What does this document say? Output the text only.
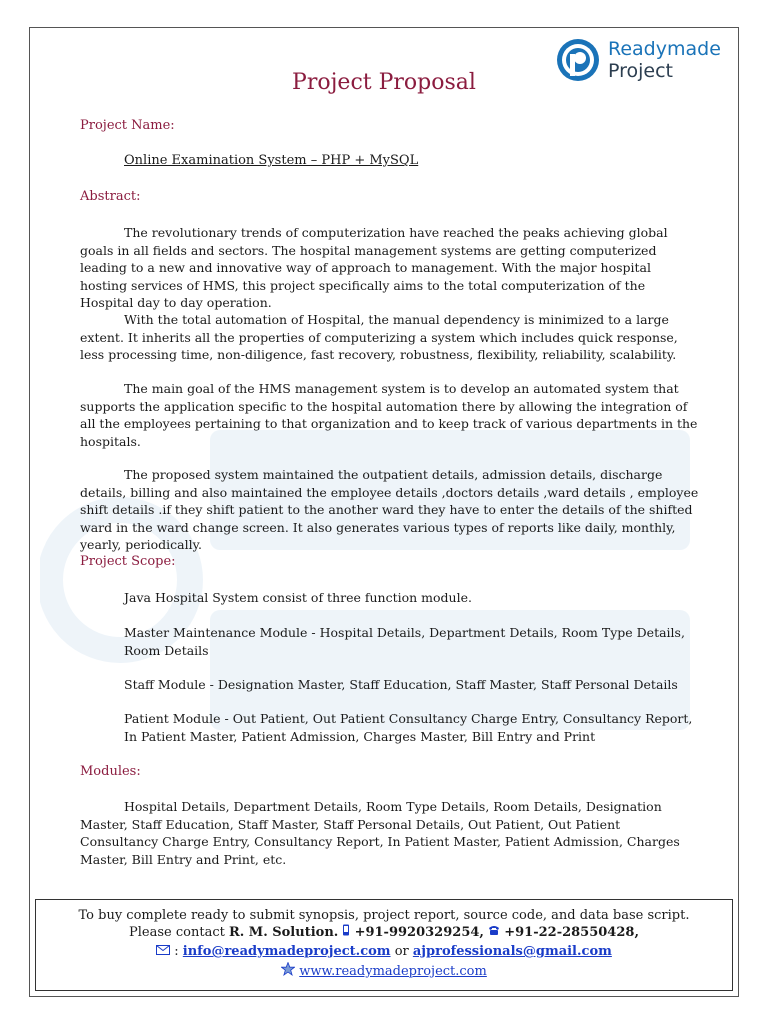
Readymade
Project
Project Proposal
Project Name:
Online Examination System – PHP + MySQL
Abstract:

The revolutionary trends of computerization have reached the peaks achieving global goals in all fields and sectors. The hospital management systems are getting computerized leading to a new and innovative way of approach to management. With the major hospital hosting services of HMS, this project specifically aims to the total computerization of the Hospital day to day operation.

With the total automation of Hospital, the manual dependency is minimized to a large extent. It inherits all the properties of computerizing a system which includes quick response, less processing time, non-diligence, fast recovery, robustness, flexibility, reliability, scalability.

The main goal of the HMS management system is to develop an automated system that supports the application specific to the hospital automation there by allowing the integration of all the employees pertaining to that organization and to keep track of various departments in the hospitals.

The proposed system maintained the outpatient details, admission details, discharge details, billing and also maintained the employee details ,doctors details ,ward details , employee shift details .if they shift patient to the another ward they have to enter the details of the shifted ward in the ward change screen. It also generates various types of reports like daily, monthly, yearly, periodically.

Project Scope:

Java Hospital System consist of three function module.

Master Maintenance Module - Hospital Details, Department Details, Room Type Details, Room Details

Staff Module - Designation Master, Staff Education, Staff Master, Staff Personal Details

Patient Module - Out Patient, Out Patient Consultancy Charge Entry, Consultancy Report, In Patient Master, Patient Admission, Charges Master, Bill Entry and Print

Modules:

Hospital Details, Department Details, Room Type Details, Room Details, Designation Master, Staff Education, Staff Master, Staff Personal Details, Out Patient, Out Patient Consultancy Charge Entry, Consultancy Report, In Patient Master, Patient Admission, Charges Master, Bill Entry and Print, etc.

To buy complete ready to submit synopsis, project report, source code, and data base script.
Please contact R. M. Solution. +91-9920329254, +91-22-28550428,
: info@readymadeproject.com or ajprofessionals@gmail.com
www.readymadeproject.com
